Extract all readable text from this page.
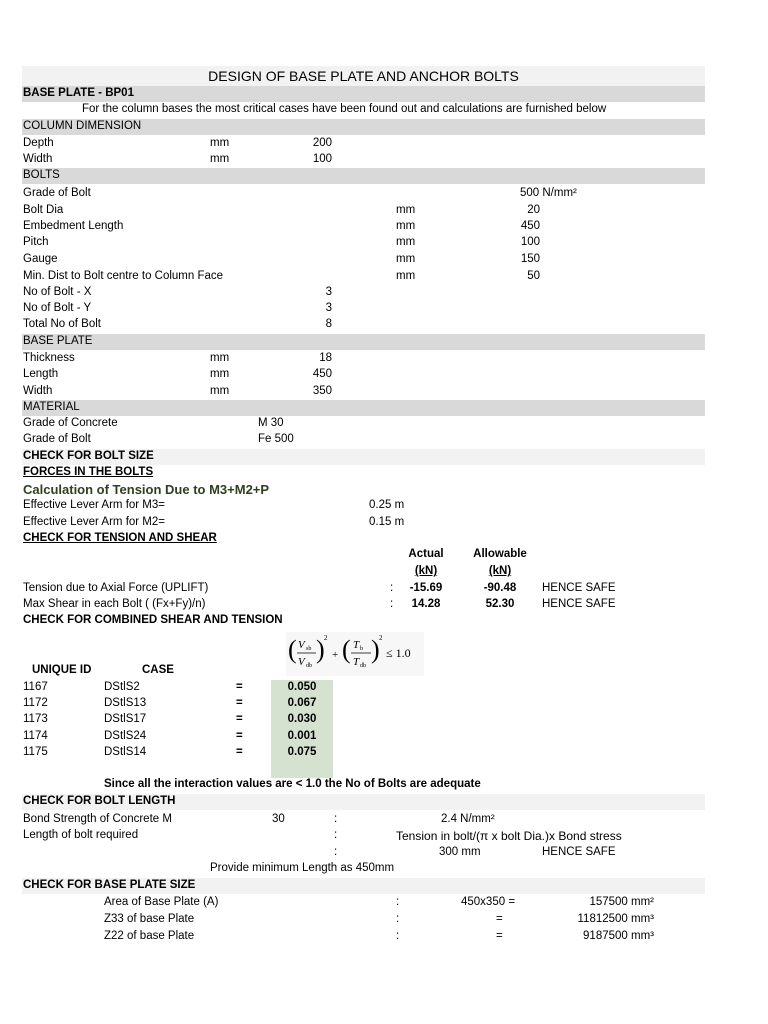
DESIGN OF BASE PLATE AND ANCHOR BOLTS
BASE PLATE - BP01
For the column bases the most critical cases have been found out and calculations are furnished below
COLUMN DIMENSION
Depth	mm	200
Width	mm	100
BOLTS
Grade of Bolt	500 N/mm²
Bolt Dia	mm	20
Embedment Length	mm	450
Pitch	mm	100
Gauge	mm	150
Min. Dist to Bolt centre to Column Face	mm	50
No of Bolt - X	3
No of Bolt - Y	3
Total No of Bolt	8
BASE PLATE
Thickness	mm	18
Length	mm	450
Width	mm	350
MATERIAL
Grade of Concrete	M 30
Grade of Bolt	Fe 500
CHECK FOR BOLT SIZE
FORCES IN THE BOLTS
Calculation of Tension Due to M3+M2+P
Effective Lever Arm for M3=	0.25 m
Effective Lever Arm for M2=	0.15 m
CHECK FOR TENSION AND SHEAR
Actual	Allowable
(kN)	(kN)
Tension due to Axial Force (UPLIFT)	:	-15.69	-90.48	HENCE SAFE
Max Shear in each Bolt ( (Fx+Fy)/n)	:	14.28	52.30	HENCE SAFE
CHECK FOR COMBINED SHEAR AND TENSION
( V sb
V db
) 2
+ ( T b
T db
) 2
≤ 1.0
UNIQUE ID	CASE
1167	DStlS2	=	0.050
1172	DStlS13	=	0.067
1173	DStlS17	=	0.030
1174	DStlS24	=	0.001
1175	DStlS14	=	0.075
Since all the interaction values are < 1.0 the No of Bolts are adequate
CHECK FOR BOLT LENGTH
Bond Strength of Concrete M	30	:	2.4 N/mm²
Length of bolt required	:	Tension in bolt/(π x bolt Dia.)x Bond stress
:	300 mm	HENCE SAFE
Provide minimum Length as 450mm
CHECK FOR BASE PLATE SIZE
Area of Base Plate (A)	:	450x350 =	157500 mm²
Z33 of base Plate	:	=	11812500 mm³
Z22 of base Plate	:	=	9187500 mm³
